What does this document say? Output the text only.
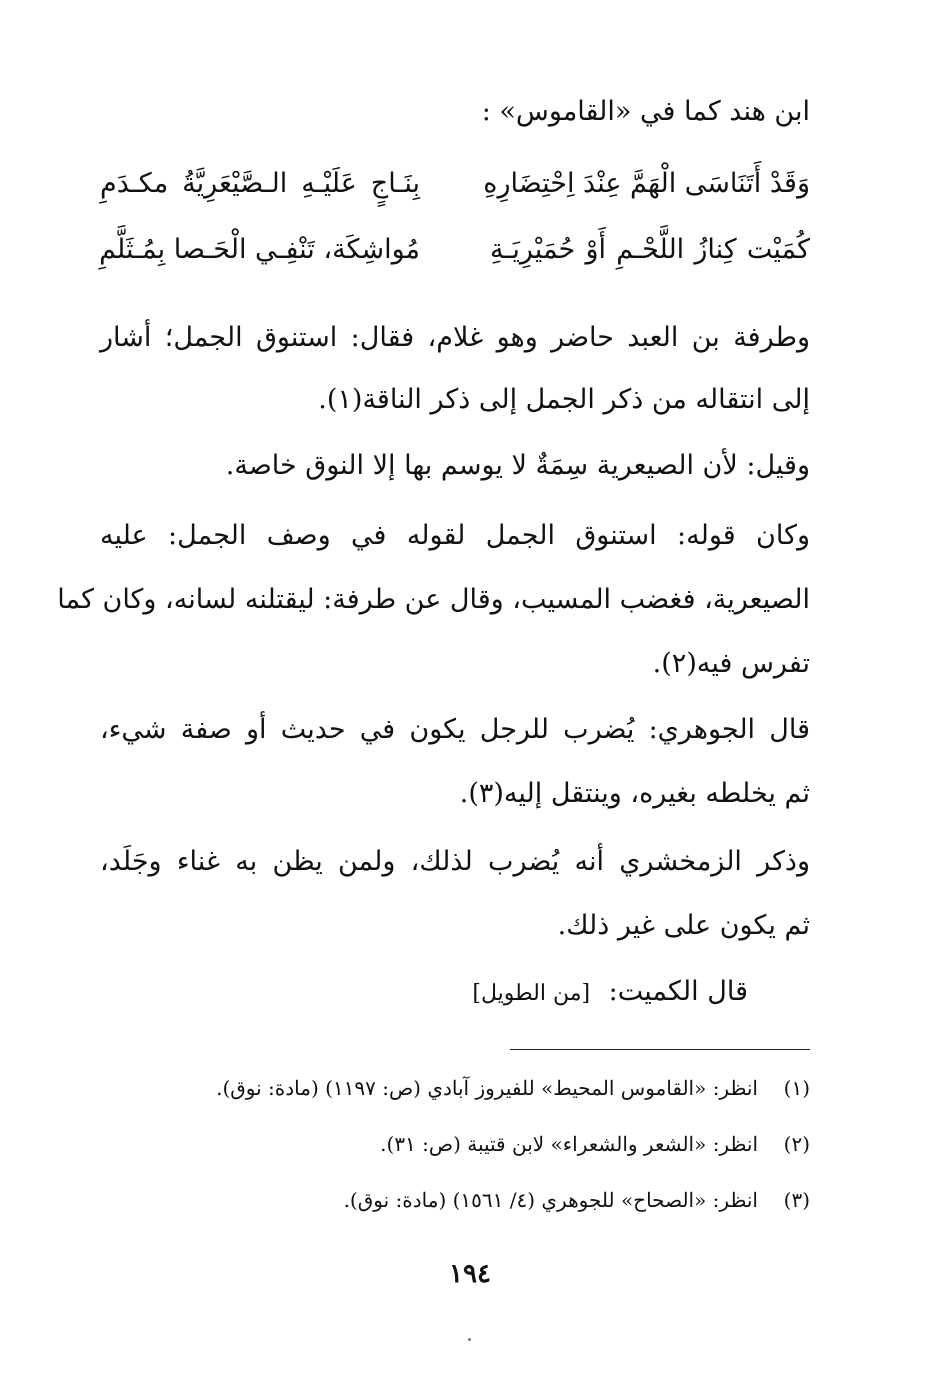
ابن هند كما في «القاموس» :
وَقَدْ أَتَنَاسَى الْهَمَّ عِنْدَ اِحْتِضَارِهِ
بِنَـاجٍ عَلَيْـهِ الـصَّيْعَرِيَّةُ مكـدَمِ
كُمَيْت كِنازُ اللَّحْـمِ أَوْ حُمَيْرِيَـةِ
مُواشِكَة، تَنْفِـي الْحَـصا بِمُـثَلَّمِ
وطرفة بن العبد حاضر وهو غلام، فقال: استنوق الجمل؛ أشار
إلى انتقاله من ذكر الجمل إلى ذكر الناقة(١).
وقيل: لأن الصيعرية سِمَةٌ لا يوسم بها إلا النوق خاصة.
وكان قوله: استنوق الجمل لقوله في وصف الجمل: عليه
الصيعرية، فغضب المسيب، وقال عن طرفة: ليقتلنه لسانه، وكان كما
تفرس فيه(٢).
قال الجوهري: يُضرب للرجل يكون في حديث أو صفة شيء،
ثم يخلطه بغيره، وينتقل إليه(٣).
وذكر الزمخشري أنه يُضرب لذلك، ولمن يظن به غناء وجَلَد،
ثم يكون على غير ذلك.
قال الكميت: [من الطويل]
(١)انظر: «القاموس المحيط» للفيروز آبادي (ص: ١١٩٧) (مادة: نوق).
(٢)انظر: «الشعر والشعراء» لابن قتيبة (ص: ٣١).
(٣)انظر: «الصحاح» للجوهري (٤/ ١٥٦١) (مادة: نوق).
١٩٤
